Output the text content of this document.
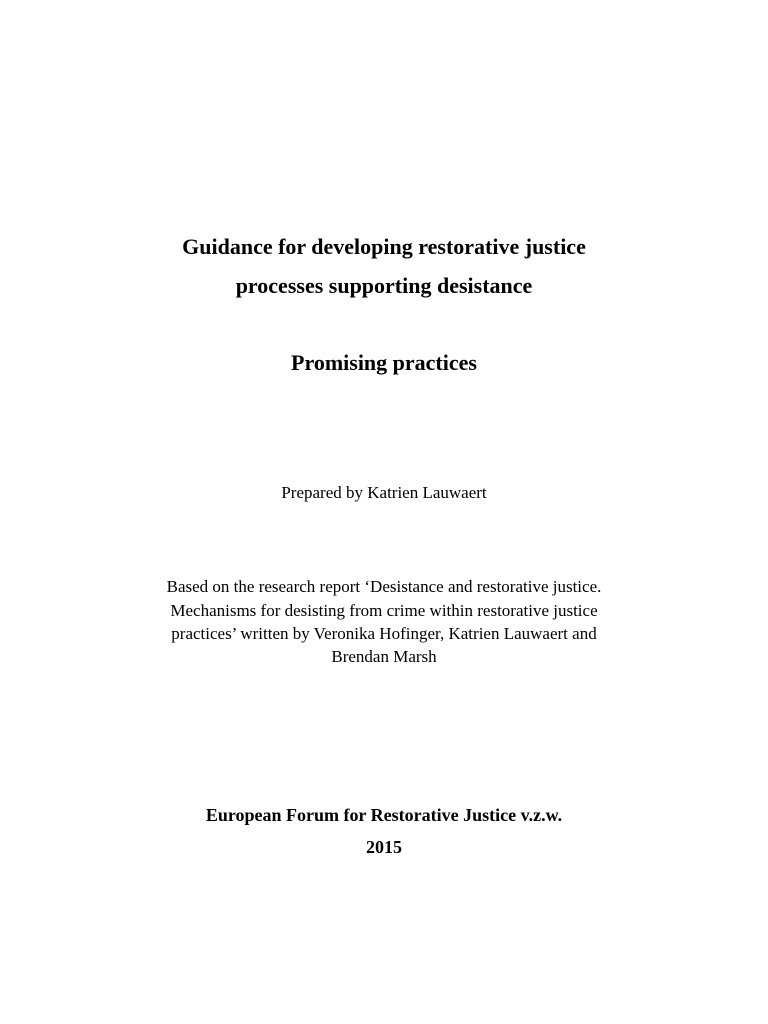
Guidance for developing restorative justice
processes supporting desistance
Promising practices
Prepared by Katrien Lauwaert
Based on the research report ‘Desistance and restorative justice.
Mechanisms for desisting from crime within restorative justice
practices’ written by Veronika Hofinger, Katrien Lauwaert and
Brendan Marsh
European Forum for Restorative Justice v.z.w.
2015
